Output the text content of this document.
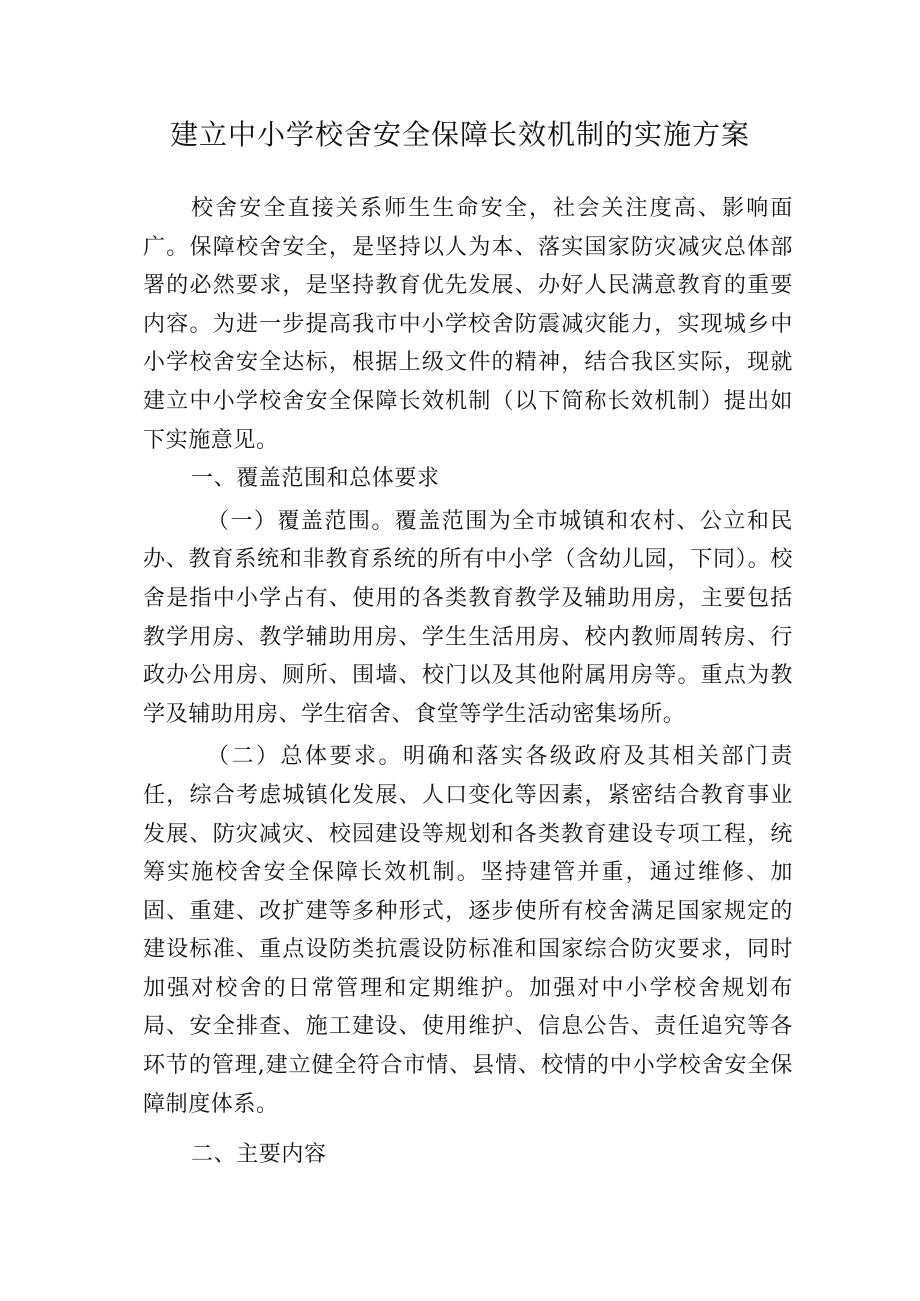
建立中小学校舍安全保障长效机制的实施方案

校舍安全直接关系师生生命安全，社会关注度高、影响面广。保障校舍安全，是坚持以人为本、落实国家防灾减灾总体部署的必然要求，是坚持教育优先发展、办好人民满意教育的重要内容。为进一步提高我市中小学校舍防震减灾能力，实现城乡中小学校舍安全达标，根据上级文件的精神，结合我区实际，现就建立中小学校舍安全保障长效机制（以下简称长效机制）提出如下实施意见。

一、覆盖范围和总体要求

（一）覆盖范围。覆盖范围为全市城镇和农村、公立和民办、教育系统和非教育系统的所有中小学（含幼儿园，下同）。校舍是指中小学占有、使用的各类教育教学及辅助用房，主要包括教学用房、教学辅助用房、学生生活用房、校内教师周转房、行政办公用房、厕所、围墙、校门以及其他附属用房等。重点为教学及辅助用房、学生宿舍、食堂等学生活动密集场所。

（二）总体要求。明确和落实各级政府及其相关部门责任，综合考虑城镇化发展、人口变化等因素，紧密结合教育事业发展、防灾减灾、校园建设等规划和各类教育建设专项工程，统筹实施校舍安全保障长效机制。坚持建管并重，通过维修、加固、重建、改扩建等多种形式，逐步使所有校舍满足国家规定的建设标准、重点设防类抗震设防标准和国家综合防灾要求，同时加强对校舍的日常管理和定期维护。加强对中小学校舍规划布局、安全排查、施工建设、使用维护、信息公告、责任追究等各环节的管理,建立健全符合市情、县情、校情的中小学校舍安全保障制度体系。

二、主要内容
